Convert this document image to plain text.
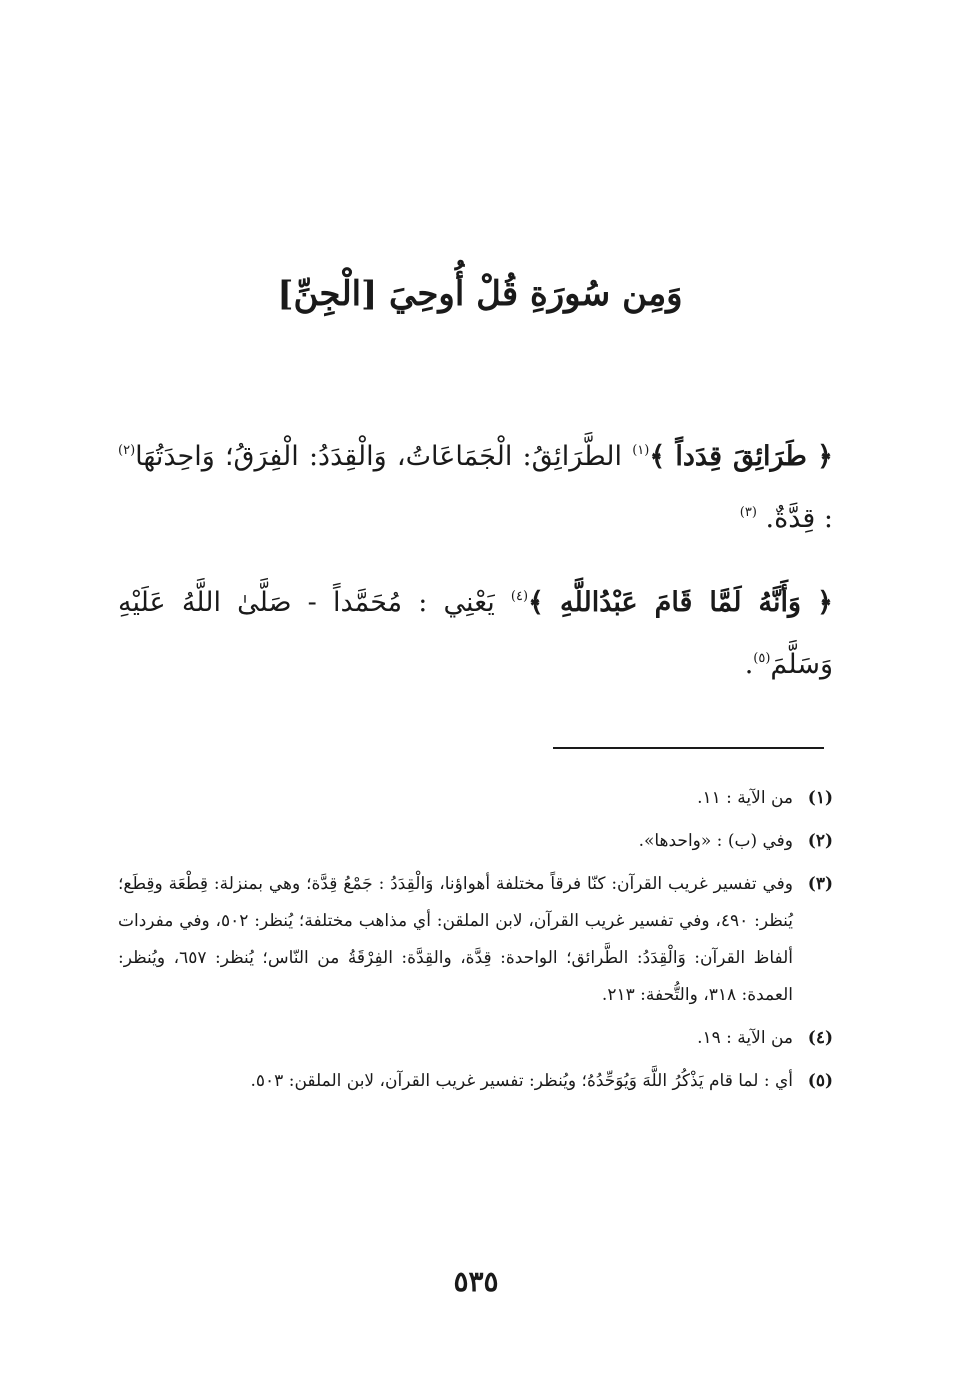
وَمِن سُورَةِ قُلْ أُوحِيَ [الْجِنِّ]
﴿ طَرَائِقَ قِدَداً ﴾$^{(١)}$ الطَّرَائِقُ: الْجَمَاعَاتُ، وَالْقِدَدُ: الْفِرَقُ؛ وَاحِدَتُهَا$^{(٢)}$ : قِدَّةٌ. $^{(٣)}$
﴿ وَأَنَّهُ لَمَّا قَامَ عَبْدُاللَّهِ ﴾$^{(٤)}$ يَعْنِي : مُحَمَّداً - صَلَّىٰ اللَّهُ عَلَيْهِ وَسَلَّمَ$^{(٥)}$.
(١)
من الآية : ١١.
(٢)
وفي (ب) : «واحدها».
(٣)
وفي تفسير غريب القرآن: كنّا فرقاً مختلفة أهواؤنا، وَالْقِدَدُ : جَمْعُ قِدَّة؛ وهي بمنزلة: قِطْعَة وقِطَع؛ يُنظر: ٤٩٠، وفي تفسير غريب القرآن، لابن الملقن: أي مذاهب مختلفة؛ يُنظر: ٥٠٢، وفي مفردات ألفاظ القرآن: وَالْقِدَدُ: الطَّرائق؛ الواحدة: قِدَّة، والقِدَّة: الفِرْقَةُ من النّاس؛ يُنظر: ٦٥٧، ويُنظر: العمدة: ٣١٨، والتُّحفة: ٢١٣.
(٤)
من الآية : ١٩.
(٥)
أي : لما قام يَذْكُرُ اللَّهَ وَيُوَحِّدُهُ؛ ويُنظر: تفسير غريب القرآن، لابن الملقن: ٥٠٣.
٥٣٥
